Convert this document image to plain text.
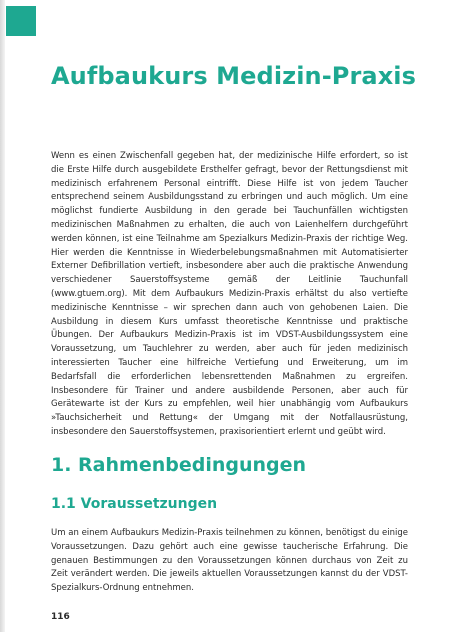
Aufbaukurs Medizin-Praxis

Wenn es einen Zwischenfall gegeben hat, der medizinische Hilfe erfordert, so ist die Erste Hilfe durch ausgebildete Ersthelfer gefragt, bevor der Rettungsdienst mit medizinisch erfahrenem Personal eintrifft. Diese Hilfe ist von jedem Taucher entsprechend seinem Ausbildungsstand zu erbringen und auch möglich. Um eine möglichst fundierte Ausbildung in den gerade bei Tauchunfällen wichtigsten medizinischen Maßnahmen zu erhalten, die auch von Laienhelfern durchgeführt werden können, ist eine Teilnahme am Spezialkurs Medizin-Praxis der richtige Weg. Hier werden die Kenntnisse in Wiederbelebungsmaßnahmen mit Automatisierter Externer Defibrillation vertieft, insbesondere aber auch die praktische Anwendung verschiedener Sauerstoffsysteme gemäß der Leitlinie Tauchunfall (www.gtuem.org). Mit dem Aufbaukurs Medizin-Praxis erhältst du also vertiefte medizinische Kenntnisse – wir sprechen dann auch von gehobenen Laien. Die Ausbildung in diesem Kurs umfasst theoretische Kenntnisse und praktische Übungen. Der Aufbaukurs Medizin-Praxis ist im VDST-Ausbildungssystem eine Voraussetzung, um Tauchlehrer zu werden, aber auch für jeden medizinisch interessierten Taucher eine hilfreiche Vertiefung und Erweiterung, um im Bedarfsfall die erforderlichen lebensrettenden Maßnahmen zu ergreifen. Insbesondere für Trainer und andere ausbildende Personen, aber auch für Gerätewarte ist der Kurs zu empfehlen, weil hier unabhängig vom Aufbaukurs »Tauchsicherheit und Rettung« der Umgang mit der Notfallausrüstung, insbesondere den Sauerstoffsystemen, praxisorientiert erlernt und geübt wird.

1. Rahmenbedingungen
1.1 Voraussetzungen

Um an einem Aufbaukurs Medizin-Praxis teilnehmen zu können, benötigst du einige Voraussetzungen. Dazu gehört auch eine gewisse taucherische Erfahrung. Die genauen Bestimmungen zu den Voraussetzungen können durchaus von Zeit zu Zeit verändert werden. Die jeweils aktuellen Voraussetzungen kannst du der VDST-Spezialkurs-Ordnung entnehmen.

116
